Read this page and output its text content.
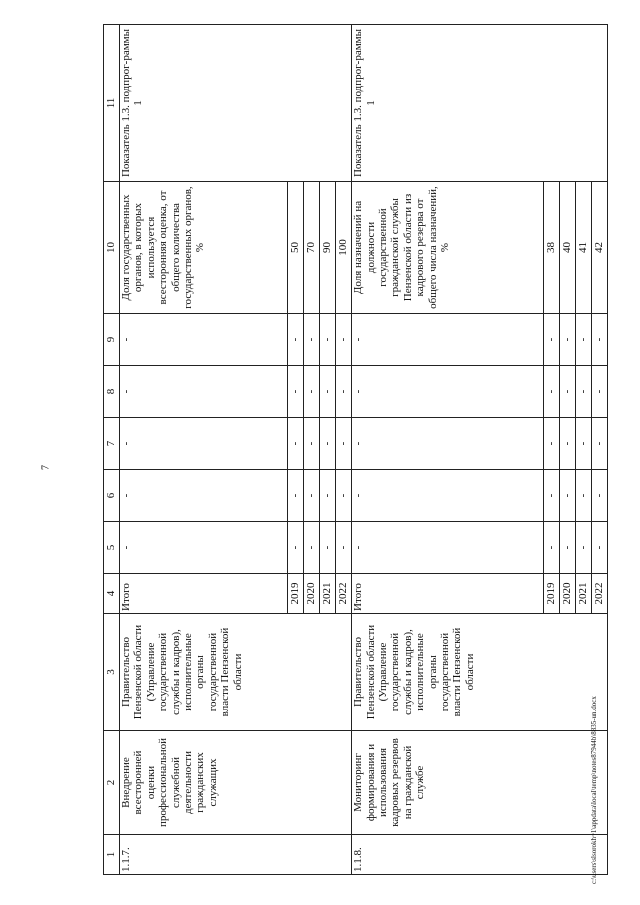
7
1	2	3	4	5	6	7	8	9	10	11
1.1.7.	Внедрение всесторонней оценки профессиональной служебной деятельности гражданских служащих	Правительство Пензенской области (Управление государственной службы и кадров), исполнительные органы государственной власти Пензенской области	Итого	-	-	-	-	-	Доля государственных органов, в которых используется всесторонняя оценка, от общего количества государственных органов, %	Показатель 1.3. подпрог-раммы 1
			2019	-	-	-	-	-	50	
			2020	-	-	-	-	-	70	
			2021	-	-	-	-	-	90	
			2022	-	-	-	-	-	100	
1.1.8.	Мониторинг формирования и использования кадровых резервов на гражданской службе	Правительство Пензенской области (Управление государственной службы и кадров), исполнительные органы государственной власти Пензенской области	Итого	-	-	-	-	-	Доля назначений на должности государственной гражданской службы Пензенской области из кадрового резерва от общего числа назначений, %	Показатель 1.3. подпрог-раммы 1
			2019	-	-	-	-	-	38	
			2020	-	-	-	-	-	40	
			2021	-	-	-	-	-	41	
			2022	-	-	-	-	-	42	
c:\users\slsorokh~1\appdata\local\temp\notes87944b\8835-un.docx
